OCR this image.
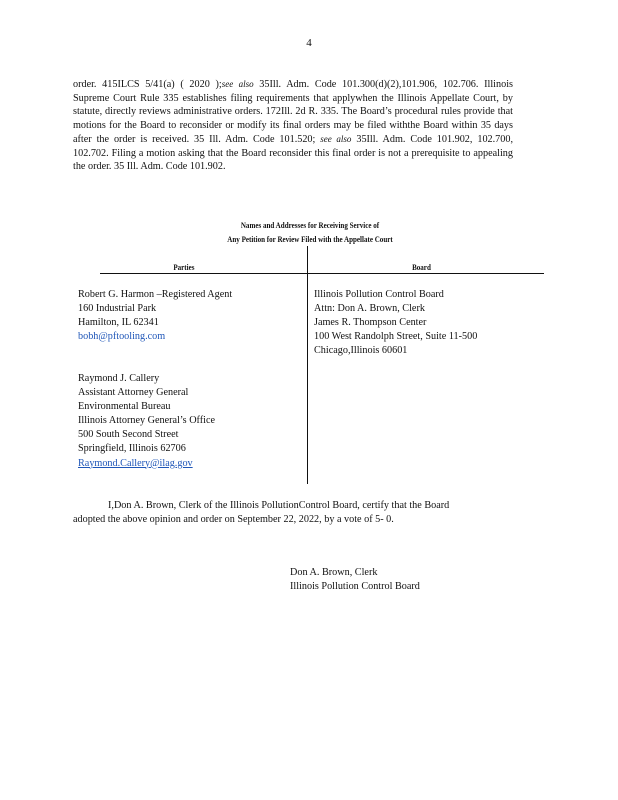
4
order. 415ILCS 5/41(a) ( 2020 );see also 35Ill. Adm. Code 101.300(d)(2),101.906, 102.706. Illinois Supreme Court Rule 335 establishes filing requirements that applywhen the Illinois Appellate Court, by statute, directly reviews administrative orders. 172Ill. 2d R. 335. The Board’s procedural rules provide that motions for the Board to reconsider or modify its final orders may be filed withthe Board within 35 days after the order is received. 35 Ill. Adm. Code 101.520; see also 35Ill. Adm. Code 101.902, 102.700, 102.702. Filing a motion asking that the Board reconsider this final order is not a prerequisite to appealing the order. 35 Ill. Adm. Code 101.902.
Names and Addresses for Receiving Service of
Any Petition for Review Filed with the Appellate Court
Parties	Board
Robert G. Harmon –Registered Agent
160 Industrial Park
Hamilton, IL 62341
bobh@pftooling.com
Raymond J. Callery
Assistant Attorney General
Environmental Bureau
Illinois Attorney General’s Office
500 South Second Street
Springfield, Illinois 62706
Raymond.Callery@ilag.gov
Illinois Pollution Control Board
Attn: Don A. Brown, Clerk
James R. Thompson Center
100 West Randolph Street, Suite 11-500
Chicago,Illinois 60601
I,Don A. Brown, Clerk of the Illinois PollutionControl Board, certify that the Board
adopted the above opinion and order on September 22, 2022, by a vote of 5- 0.
Don A. Brown, Clerk
Illinois Pollution Control Board
